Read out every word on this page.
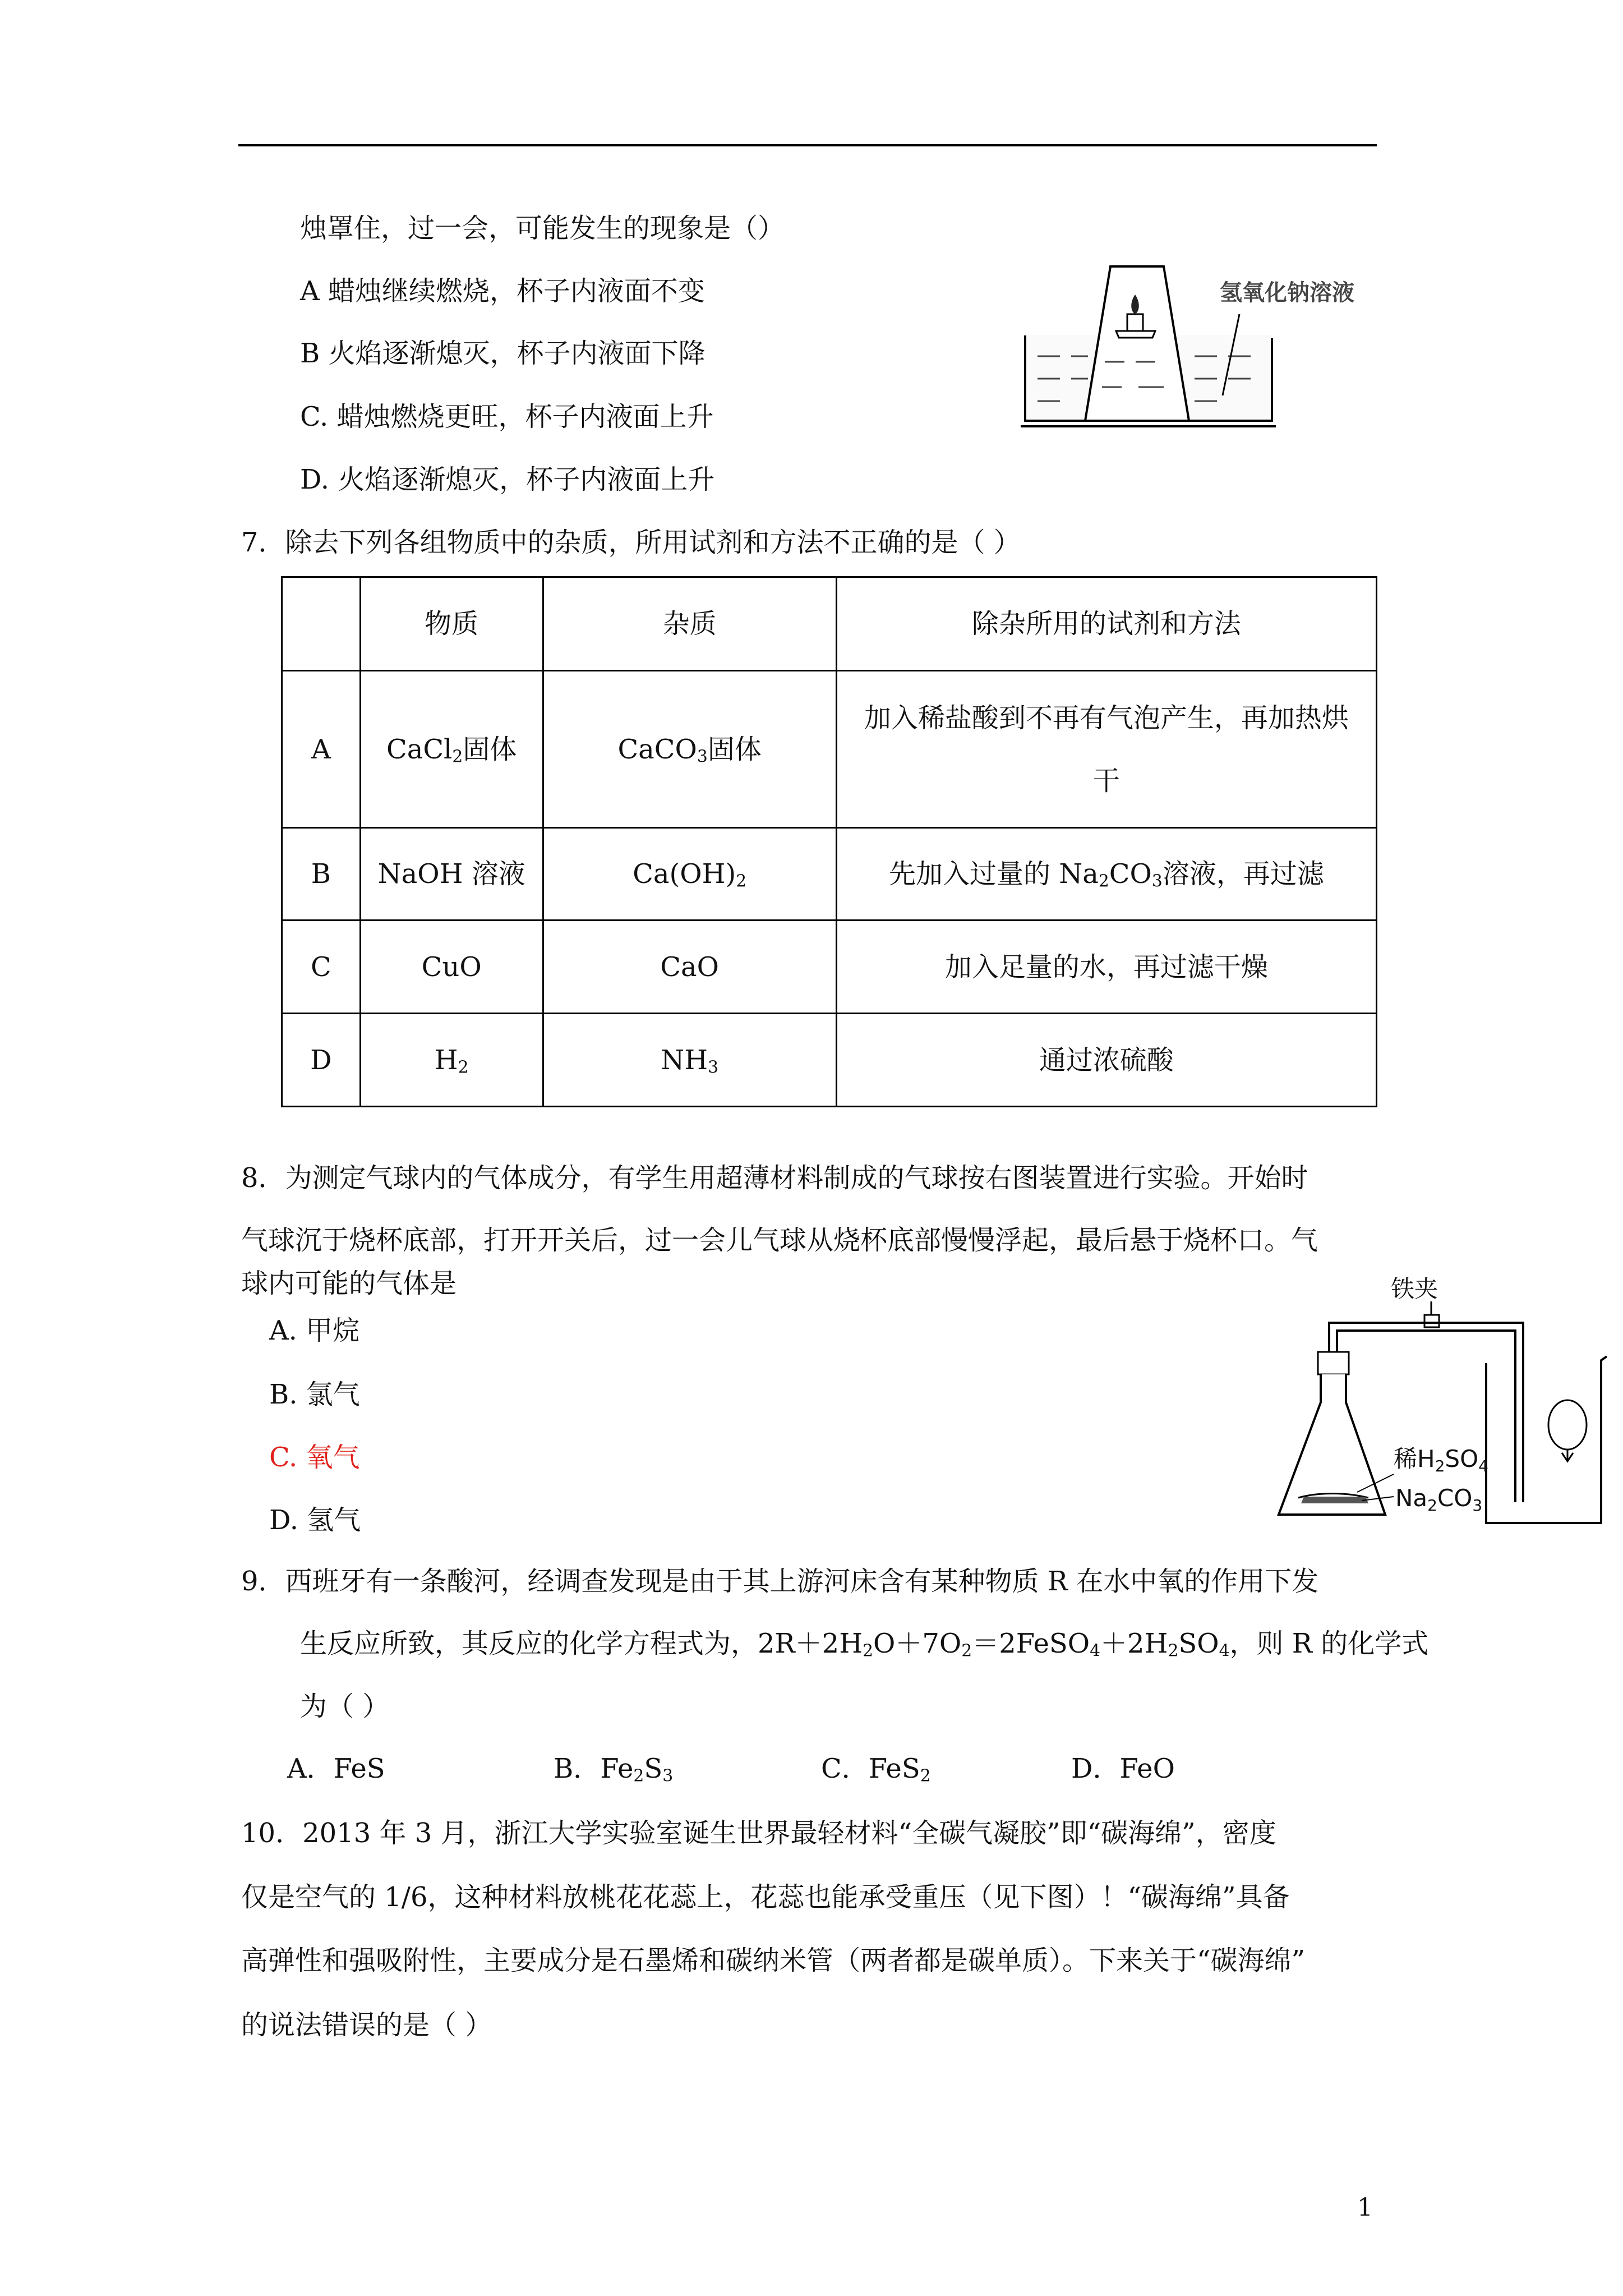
烛罩住，过一会，可能发生的现象是（）
A 蜡烛继续燃烧，杯子内液面不变
B 火焰逐渐熄灭，杯子内液面下降
C. 蜡烛燃烧更旺，杯子内液面上升
D. 火焰逐渐熄灭，杯子内液面上升
氢氧化钠溶液
7．除去下列各组物质中的杂质，所用试剂和方法不正确的是（ ）
	物质	杂质	除杂所用的试剂和方法
A	CaCl$_2$固体	CaCO$_3$固体	加入稀盐酸到不再有气泡产生，再加热烘
干

B	NaOH 溶液	$Ca(OH)_2$	先加入过量的 $Na_2CO_3$溶液，再过滤
C	CuO	CaO	加入足量的水，再过滤干燥
D	$H_2$	$NH_3$	通过浓硫酸
8．为测定气球内的气体成分，有学生用超薄材料制成的气球按右图装置进行实验。开始时
气球沉于烧杯底部，打开开关后，过一会儿气球从烧杯底部慢慢浮起，最后悬于烧杯口。气
球内可能的气体是
A. 甲烷
B. 氯气
C. 氧气
D. 氢气
铁夹
稀H2SO4
Na2CO3
9．西班牙有一条酸河，经调查发现是由于其上游河床含有某种物质 R 在水中氧的作用下发
生反应所致，其反应的化学方程式为，$2R+2H_2O+7O_2=2FeSO_4+2H_2SO_4$，则 R 的化学式
为（ ）
A．FeS	B．$Fe_2S_3$	C．FeS$_2$	D．FeO
10．2013 年 3 月，浙江大学实验室诞生世界最轻材料“全碳气凝胶”即“碳海绵”，密度
仅是空气的 1/6，这种材料放桃花花蕊上，花蕊也能承受重压（见下图）！“碳海绵”具备
高弹性和强吸附性，主要成分是石墨烯和碳纳米管（两者都是碳单质）。下来关于“碳海绵”
的说法错误的是（ ）
1
